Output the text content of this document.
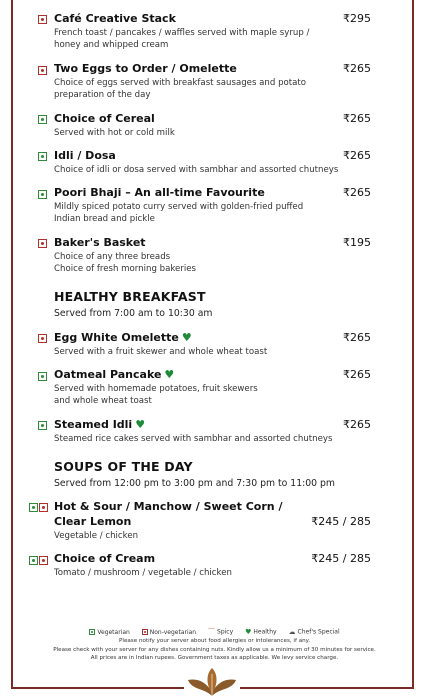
Café Creative Stack	₹295
French toast / pancakes / waffles served with maple syrup /
honey and whipped cream
Two Eggs to Order / Omelette	₹265
Choice of eggs served with breakfast sausages and potato
preparation of the day
Choice of Cereal	₹265
Served with hot or cold milk
Idli / Dosa	₹265
Choice of idli or dosa served with sambhar and assorted chutneys
Poori Bhaji – An all-time Favourite	₹265
Mildly spiced potato curry served with golden-fried puffed
Indian bread and pickle
Baker's Basket	₹195
Choice of any three breads
Choice of fresh morning bakeries
HEALTHY BREAKFAST
Served from 7:00 am to 10:30 am
Egg White Omelette ♥	₹265
Served with a fruit skewer and whole wheat toast
Oatmeal Pancake ♥	₹265
Served with homemade potatoes, fruit skewers
and whole wheat toast
Steamed Idli ♥	₹265
Steamed rice cakes served with sambhar and assorted chutneys
SOUPS OF THE DAY
Served from 12:00 pm to 3:00 pm and 7:30 pm to 11:00 pm
Hot & Sour / Manchow / Sweet Corn /
Clear Lemon	₹245 / 285
Vegetable / chicken
Choice of Cream	₹245 / 285
Tomato / mushroom / vegetable / chicken
Vegetarian	Non-vegetarian ⌒ Spicy ♥ Healthy ☁ Chef's Special
Please notify your server about food allergies or intolerances, if any.
Please check with your server for any dishes containing nuts. Kindly allow us a minimum of 30 minutes for service.
All prices are in Indian rupees. Government taxes as applicable. We levy service charge.
